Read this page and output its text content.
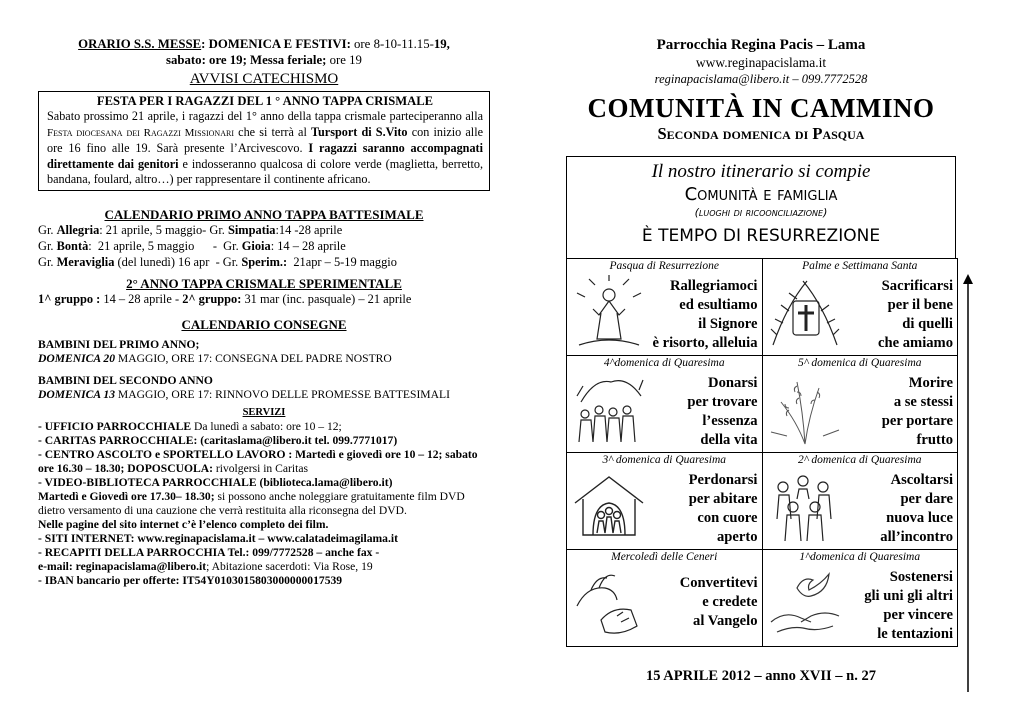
ORARIO S.S. MESSE: DOMENICA E FESTIVI: ore 8-10-11.15-19,
sabato: ore 19; Messa feriale; ore 19
AVVISI CATECHISMO
FESTA PER I RAGAZZI DEL 1 ° ANNO TAPPA CRISMALE
Sabato prossimo 21 aprile, i ragazzi del 1° anno della tappa crismale parteciperanno alla Festa diocesana dei Ragazzi Missionari che si terrà al Tursport di S.Vito con inizio alle ore 16 fino alle 19. Sarà presente l’Arcivescovo. I ragazzi saranno accompagnati direttamente dai genitori e indosseranno qualcosa di colore verde (maglietta, berretto, bandana, foulard, altro…) per rappresentare il continente africano.
CALENDARIO PRIMO ANNO TAPPA BATTESIMALE
Gr. Allegria: 21 aprile, 5 maggio- Gr. Simpatia:14 -28 aprile
Gr. Bontà:  21 aprile, 5 maggio      -  Gr. Gioia: 14 – 28 aprile
Gr. Meraviglia (del lunedì) 16 apr  - Gr. Sperim.:  21apr – 5-19 maggio
2° ANNO TAPPA CRISMALE SPERIMENTALE
1^ gruppo : 14 – 28 aprile - 2^ gruppo: 31 mar (inc. pasquale) – 21 aprile
CALENDARIO CONSEGNE
BAMBINI DEL PRIMO ANNO;
DOMENICA 20 MAGGIO, ORE 17: CONSEGNA DEL PADRE NOSTRO
BAMBINI DEL SECONDO ANNO
DOMENICA 13 MAGGIO, ORE 17: RINNOVO DELLE PROMESSE BATTESIMALI
SERVIZI
- UFFICIO PARROCCHIALE Da lunedì a sabato: ore 10 – 12;
- CARITAS PARROCCHIALE: (caritaslama@libero.it tel. 099.7771017)
- CENTRO ASCOLTO e SPORTELLO LAVORO : Martedì e giovedì ore 10 – 12; sabato ore 16.30 – 18.30; DOPOSCUOLA: rivolgersi in Caritas
- VIDEO-BIBLIOTECA PARROCCHIALE (biblioteca.lama@libero.it)
Martedì e Giovedì ore 17.30– 18.30; si possono anche noleggiare gratuitamente film DVD dietro versamento di una cauzione che verrà restituita alla riconsegna del DVD.
Nelle pagine del sito internet c’è l’elenco completo dei film.
- SITI INTERNET: www.reginapacislama.it – www.calatadeimagilama.it
- RECAPITI DELLA PARROCCHIA Tel.: 099/7772528 – anche fax -
e-mail: reginapacislama@libero.it; Abitazione sacerdoti: Via Rose, 19
- IBAN bancario per offerte: IT54Y0103015803000000017539
Parrocchia Regina Pacis – Lama
www.reginapacislama.it
reginapacislama@libero.it – 099.7772528
COMUNITÀ IN CAMMINO
Seconda domenica di Pasqua
Il nostro itinerario si compie
Comunità e famiglia
(luoghi di ricoonciliazione)
È TEMPO DI RESURREZIONE
Pasqua di Resurrezione
Rallegriamoci
ed esultiamo
il Signore
è risorto, alleluia
Palme e Settimana Santa
Sacrificarsi
per il bene
di quelli
che amiamo
4^domenica di Quaresima
Donarsi
per trovare
l’essenza
della vita
5^ domenica di Quaresima
Morire
a se stessi
per portare
frutto
3^ domenica di Quaresima
Perdonarsi
per abitare
con cuore
aperto
2^ domenica di Quaresima
Ascoltarsi
per dare
nuova luce
all’incontro
Mercoledì delle Ceneri
Convertitevi
e credete
al Vangelo
1^domenica di Quaresima
Sostenersi
gli uni gli altri
per vincere
le tentazioni
15 APRILE 2012 – anno XVII – n. 27
